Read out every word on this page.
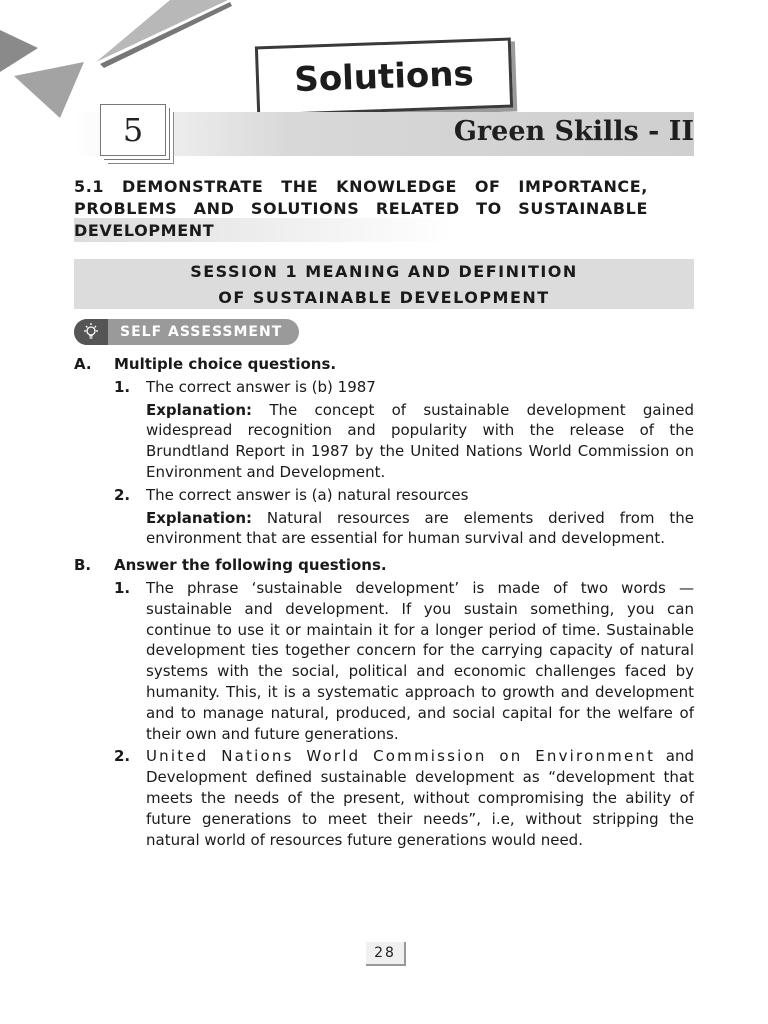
Solutions
5	Green Skills - II
5.1 DEMONSTRATE THE KNOWLEDGE OF IMPORTANCE, PROBLEMS AND SOLUTIONS RELATED TO SUSTAINABLE DEVELOPMENT
SESSION 1 MEANING AND DEFINITION
OF SUSTAINABLE DEVELOPMENT
SELF ASSESSMENT
A.	Multiple choice questions.
1.	The correct answer is (b) 1987
Explanation: The concept of sustainable development gained widespread recognition and popularity with the release of the Brundtland Report in 1987 by the United Nations World Commission on Environment and Development.
2.	The correct answer is (a) natural resources
Explanation: Natural resources are elements derived from the environment that are essential for human survival and development.
B.	Answer the following questions.
1.	The phrase ‘sustainable development’ is made of two words — sustainable and development. If you sustain something, you can continue to use it or maintain it for a longer period of time. Sustainable development ties together concern for the carrying capacity of natural systems with the social, political and economic challenges faced by humanity. This, it is a systematic approach to growth and development and to manage natural, produced, and social capital for the welfare of their own and future generations.
2.	United Nations World Commission on Environment and Development defined sustainable development as “development that meets the needs of the present, without compromising the ability of future generations to meet their needs”, i.e, without stripping the natural world of resources future generations would need.
28
